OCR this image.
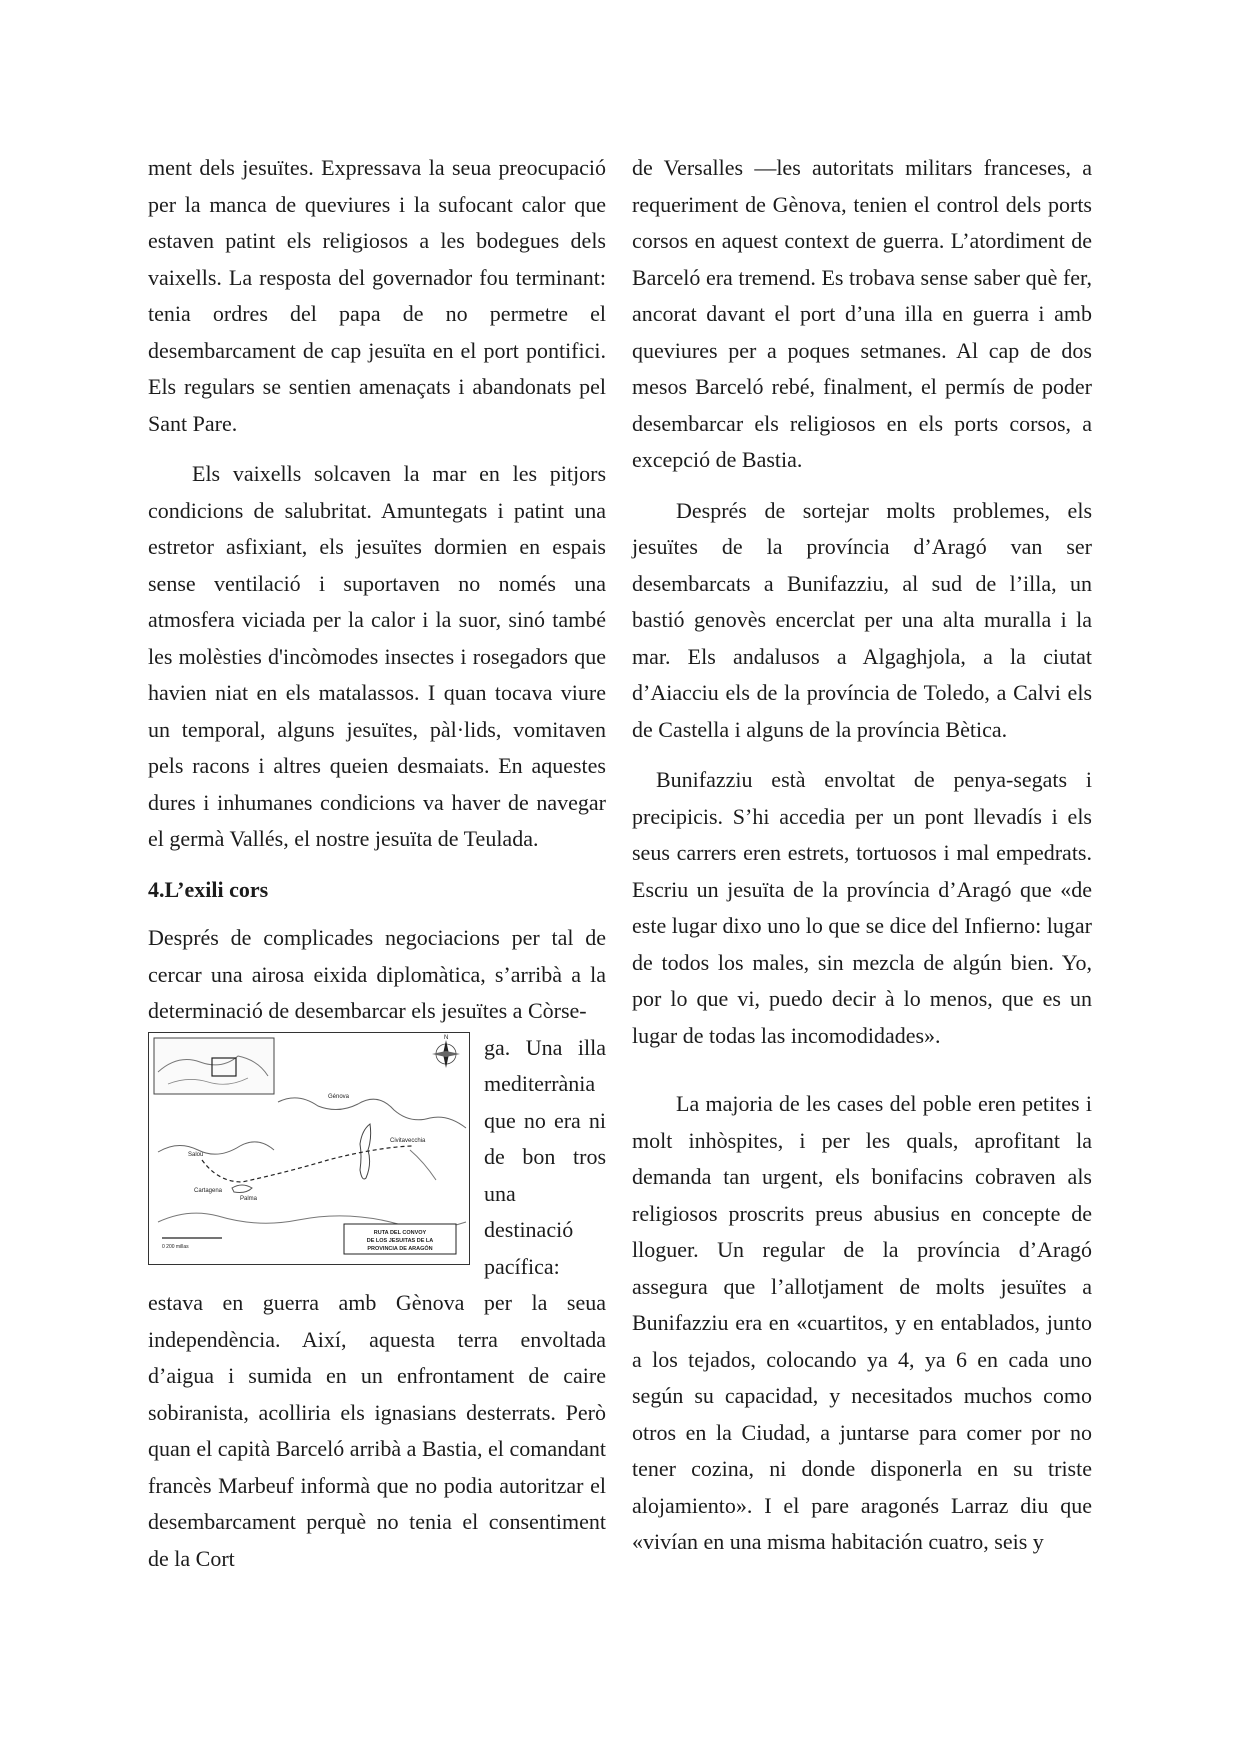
ment dels jesuïtes. Expressava la seua preocupació per la manca de queviures i la sufocant calor que estaven patint els religiosos a les bodegues dels vaixells. La resposta del governador fou terminant: tenia ordres del papa de no permetre el desembarcament de cap jesuïta en el port pontifici. Els regulars se sentien amenaçats i abandonats pel Sant Pare.

Els vaixells solcaven la mar en les pitjors condicions de salubritat. Amuntegats i patint una estretor asfixiant, els jesuïtes dormien en espais sense ventilació i suportaven no només una atmosfera viciada per la calor i la suor, sinó també les molèsties d'incòmodes insectes i rosegadors que havien niat en els matalassos. I quan tocava viure un temporal, alguns jesuïtes, pàl·lids, vomitaven pels racons i altres queien desmaiats. En aquestes dures i inhumanes condicions va haver de navegar el germà Vallés, el nostre jesuïta de Teulada.

4.L’exili cors

Després de complicades negociacions per tal de cercar una airosa eixida diplomàtica, s’arribà a la determinació de desembarcar els jesuïtes a Còrse-

N
Génova
Civitavecchia
Salou
Palma
Cartagena
0 200 millas
RUTA DEL CONVOY
DE LOS JESUITAS DE LA
PROVINCIA DE ARAGÓN

ga. Una illa mediterrània que no era ni de bon tros una destinació pacífica: estava en guerra amb Gènova per la seua independència. Així, aquesta terra envoltada d’aigua i sumida en un enfrontament de caire sobiranista, acolliria els ignasians desterrats. Però quan el capità Barceló arribà a Bastia, el comandant francès Marbeuf informà que no podia autoritzar el desembarcament perquè no tenia el consentiment de la Cort

de Versalles —les autoritats militars franceses, a requeriment de Gènova, tenien el control dels ports corsos en aquest context de guerra. L’atordiment de Barceló era tremend. Es trobava sense saber què fer, ancorat davant el port d’una illa en guerra i amb queviures per a poques setmanes. Al cap de dos mesos Barceló rebé, finalment, el permís de poder desembarcar els religiosos en els ports corsos, a excepció de Bastia.

Després de sortejar molts problemes, els jesuïtes de la província d’Aragó van ser desembarcats a Bunifazziu, al sud de l’illa, un bastió genovès encerclat per una alta muralla i la mar. Els andalusos a Algaghjola, a la ciutat d’Aiacciu els de la província de Toledo, a Calvi els de Castella i alguns de la província Bètica.

Bunifazziu està envoltat de penya-segats i precipicis. S’hi accedia per un pont llevadís i els seus carrers eren estrets, tortuosos i mal empedrats. Escriu un jesuïta de la província d’Aragó que «de este lugar dixo uno lo que se dice del Infierno: lugar de todos los males, sin mezcla de algún bien. Yo, por lo que vi, puedo decir à lo menos, que es un lugar de todas las incomodidades».

La majoria de les cases del poble eren petites i molt inhòspites, i per les quals, aprofitant la demanda tan urgent, els bonifacins cobraven als religiosos proscrits preus abusius en concepte de lloguer. Un regular de la província d’Aragó assegura que l’allotjament de molts jesuïtes a Bunifazziu era en «cuartitos, y en entablados, junto a los tejados, colocando ya 4, ya 6 en cada uno según su capacidad, y necesitados muchos como otros en la Ciudad, a juntarse para comer por no tener cozina, ni donde disponerla en su triste alojamiento». I el pare aragonés Larraz diu que «vivían en una misma habitación cuatro, seis y
